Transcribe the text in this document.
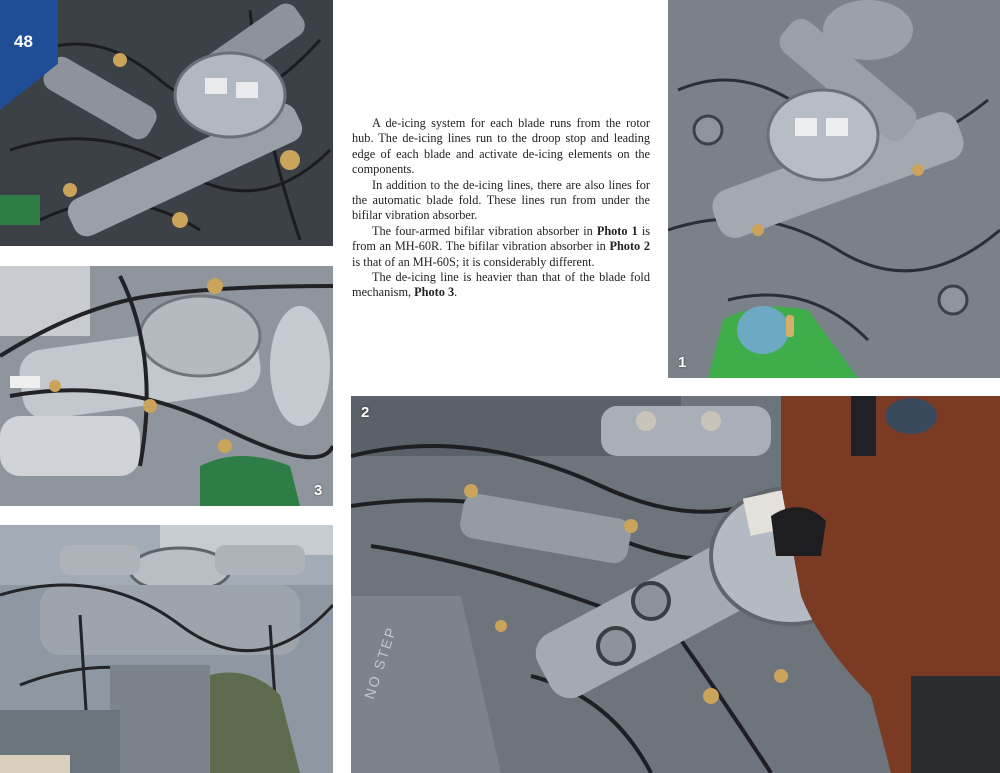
48
1
3
NO STEP
2

A de-icing system for each blade runs from the rotor hub. The de-icing lines run to the droop stop and leading edge of each blade and activate de-icing elements on the components.

In addition to the de-icing lines, there are also lines for the automatic blade fold. These lines run from under the bifilar vibration absorber.

The four-armed bifilar vibration absorber in Photo 1 is from an MH-60R. The bifilar vibration absorber in Photo 2 is that of an MH-60S; it is considerably different.

The de-icing line is heavier than that of the blade fold mechanism, Photo 3.
